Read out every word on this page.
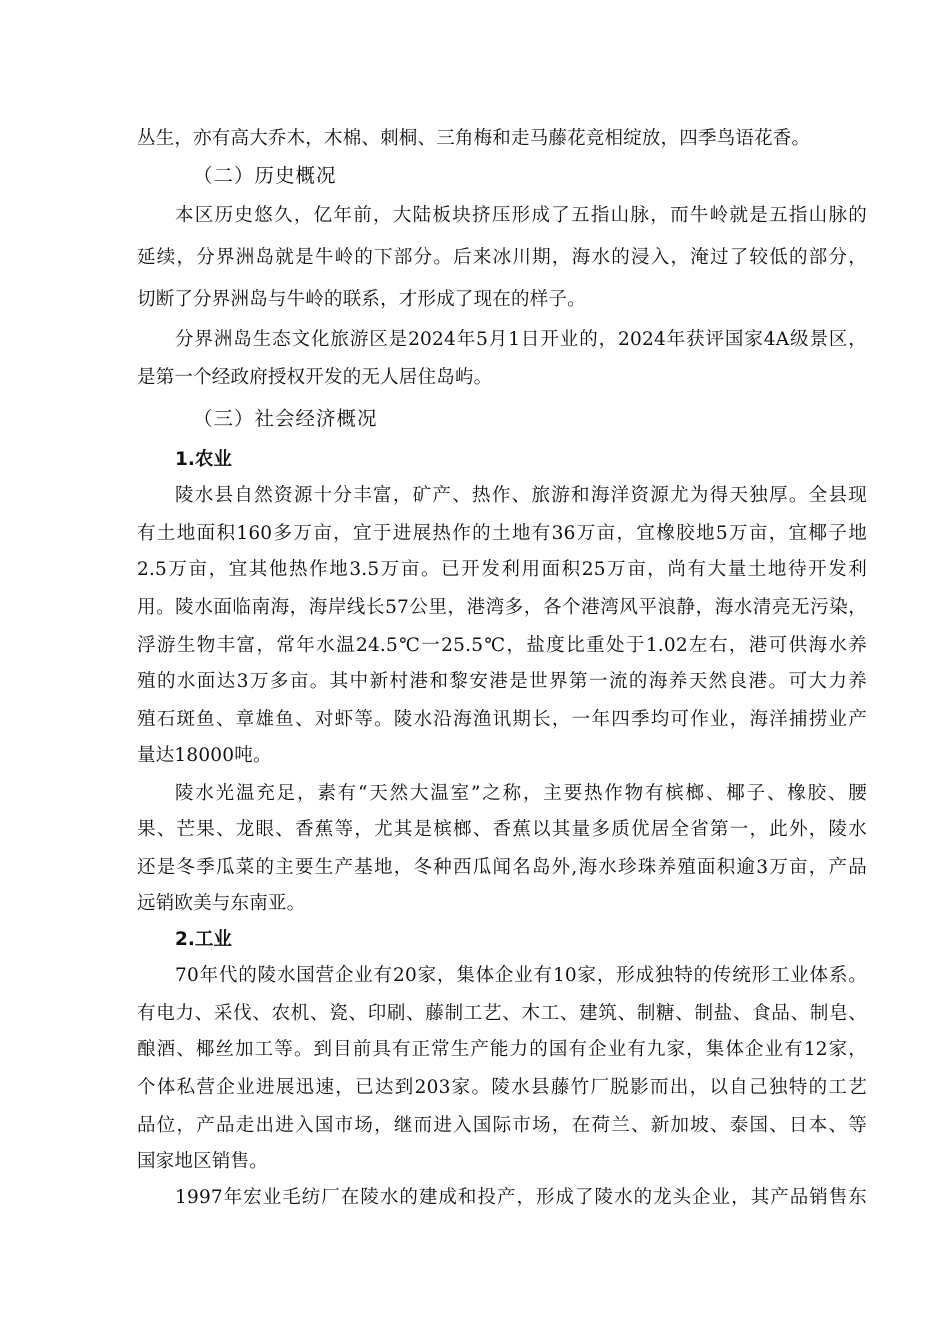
丛生，亦有高大乔木，木棉、刺桐、三角梅和走马藤花竞相绽放，四季鸟语花香。
（二）历史概况
本区历史悠久，亿年前，大陆板块挤压形成了五指山脉，而牛岭就是五指山脉的
延续，分界洲岛就是牛岭的下部分。后来冰川期，海水的浸入，淹过了较低的部分，
切断了分界洲岛与牛岭的联系，才形成了现在的样子。
分界洲岛生态文化旅游区是2024年5月1日开业的，2024年获评国家4A级景区，
是第一个经政府授权开发的无人居住岛屿。
（三）社会经济概况
1.农业
陵水县自然资源十分丰富，矿产、热作、旅游和海洋资源尤为得天独厚。全县现
有土地面积160多万亩，宜于进展热作的土地有36万亩，宜橡胶地5万亩，宜椰子地
2.5万亩，宜其他热作地3.5万亩。已开发利用面积25万亩，尚有大量土地待开发利
用。陵水面临南海，海岸线长57公里，港湾多，各个港湾风平浪静，海水清亮无污染，
浮游生物丰富，常年水温24.5℃一25.5℃，盐度比重处于1.02左右，港可供海水养
殖的水面达3万多亩。其中新村港和黎安港是世界第一流的海养天然良港。可大力养
殖石斑鱼、章雄鱼、对虾等。陵水沿海渔讯期长，一年四季均可作业，海洋捕捞业产
量达18000吨。
陵水光温充足，素有“天然大温室”之称，主要热作物有槟榔、椰子、橡胶、腰
果、芒果、龙眼、香蕉等，尤其是槟榔、香蕉以其量多质优居全省第一，此外，陵水
还是冬季瓜菜的主要生产基地，冬种西瓜闻名岛外,海水珍珠养殖面积逾3万亩，产品
远销欧美与东南亚。
2.工业
70年代的陵水国营企业有20家，集体企业有10家，形成独特的传统形工业体系。
有电力、采伐、农机、瓷、印刷、藤制工艺、木工、建筑、制糖、制盐、食品、制皂、
酿酒、椰丝加工等。到目前具有正常生产能力的国有企业有九家，集体企业有12家，
个体私营企业进展迅速，已达到203家。陵水县藤竹厂脱影而出，以自己独特的工艺
品位，产品走出进入国市场，继而进入国际市场，在荷兰、新加坡、泰国、日本、等
国家地区销售。
1997年宏业毛纺厂在陵水的建成和投产，形成了陵水的龙头企业，其产品销售东
